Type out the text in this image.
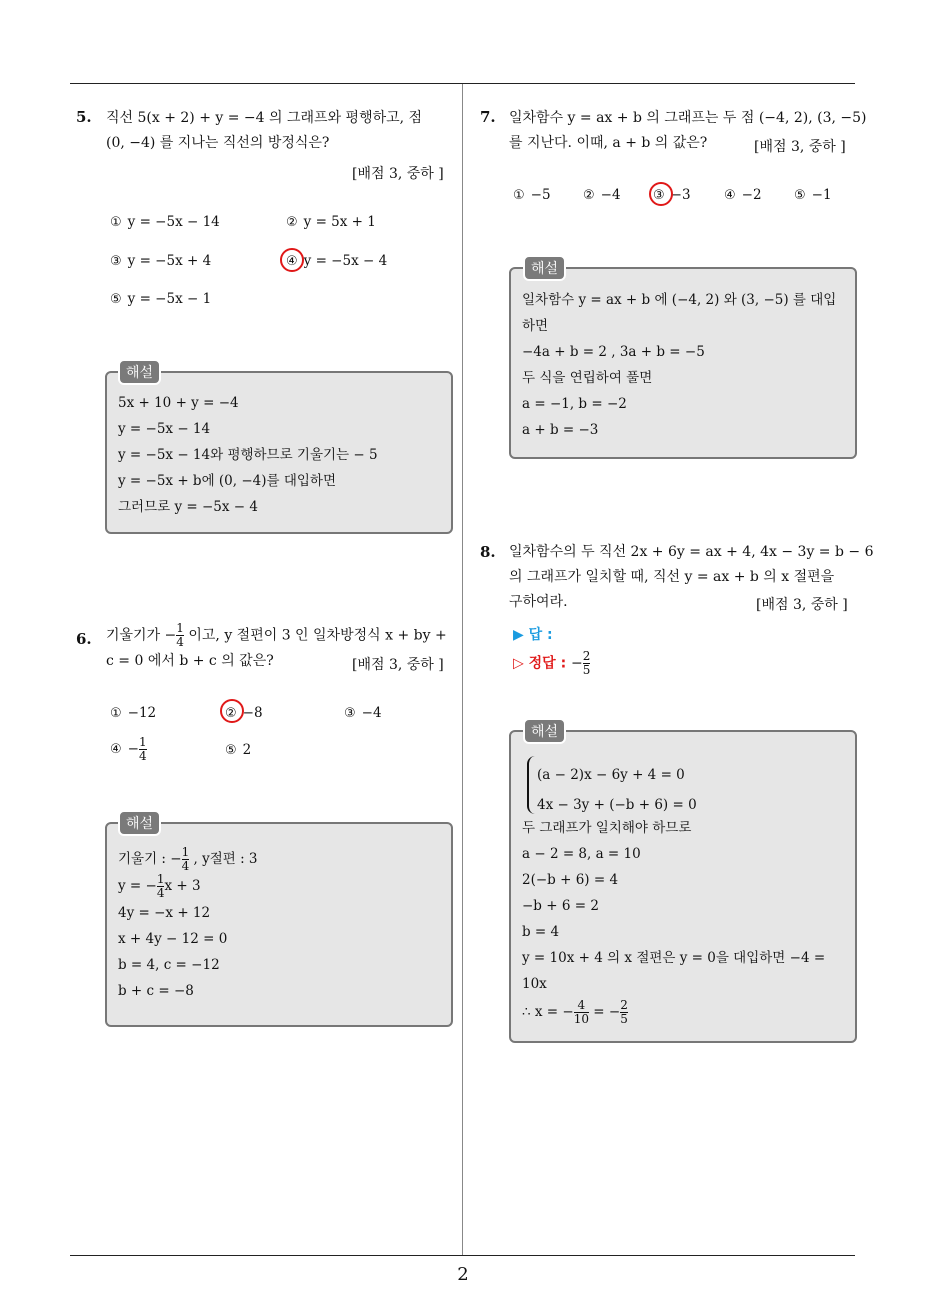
5. 직선 5(x + 2) + y = −4 의 그래프와 평행하고, 점
(0, −4) 를 지나는 직선의 방정식은?
[배점 3, 중하 ]
① y = −5x − 14	② y = 5x + 1
③ y = −5x + 4	④ y = −5x − 4
⑤ y = −5x − 1
해설
5x + 10 + y = −4
y = −5x − 14
y = −5x − 14와 평행하므로 기울기는 − 5
y = −5x + b에 (0, −4)를 대입하면
그러므로 y = −5x − 4
6. 기울기가 − $\frac{1}{4}$ 이고, y 절편이 3 인 일차방정식 x + by +
c = 0 에서 b + c 의 값은?	[배점 3, 중하 ]
① −12	② −8	③ −4
④ − $\frac{1}{4}$	⑤ 2
해설
기울기 : − $\frac{1}{4}$ , y절편 : 3
y = − $\frac{1}{4}$ x + 3
4y = −x + 12
x + 4y − 12 = 0
b = 4, c = −12
b + c = −8
7. 일차함수 y = ax + b 의 그래프는 두 점 (−4, 2), (3, −5)
를 지난다. 이때, a + b 의 값은?	[배점 3, 중하 ]
① −5 ② −4 ③ −3	④ −2 ⑤ −1
해설
일차함수 y = ax + b 에 (−4, 2) 와 (3, −5) 를 대입
하면
−4a + b = 2 , 3a + b = −5
두 식을 연립하여 풀면
a = −1, b = −2
a + b = −3
8. 일차함수의 두 직선 2x + 6y = ax + 4, 4x − 3y = b − 6
의 그래프가 일치할 때, 직선 y = ax + b 의 x 절편을
구하여라.	[배점 3, 중하 ]
▶ 답 :
▷ 정답 : − $\frac{2}{5}$
해설
(a − 2)x − 6y + 4 = 0
4x − 3y + (−b + 6) = 0
두 그래프가 일치해야 하므로
a − 2 = 8, a = 10
2(−b + 6) = 4
−b + 6 = 2
b = 4
y = 10x + 4 의 x 절편은 y = 0을 대입하면 −4 =
10x
∴ x = − $\frac{4}{10}$ = − $\frac{2}{5}$
2
